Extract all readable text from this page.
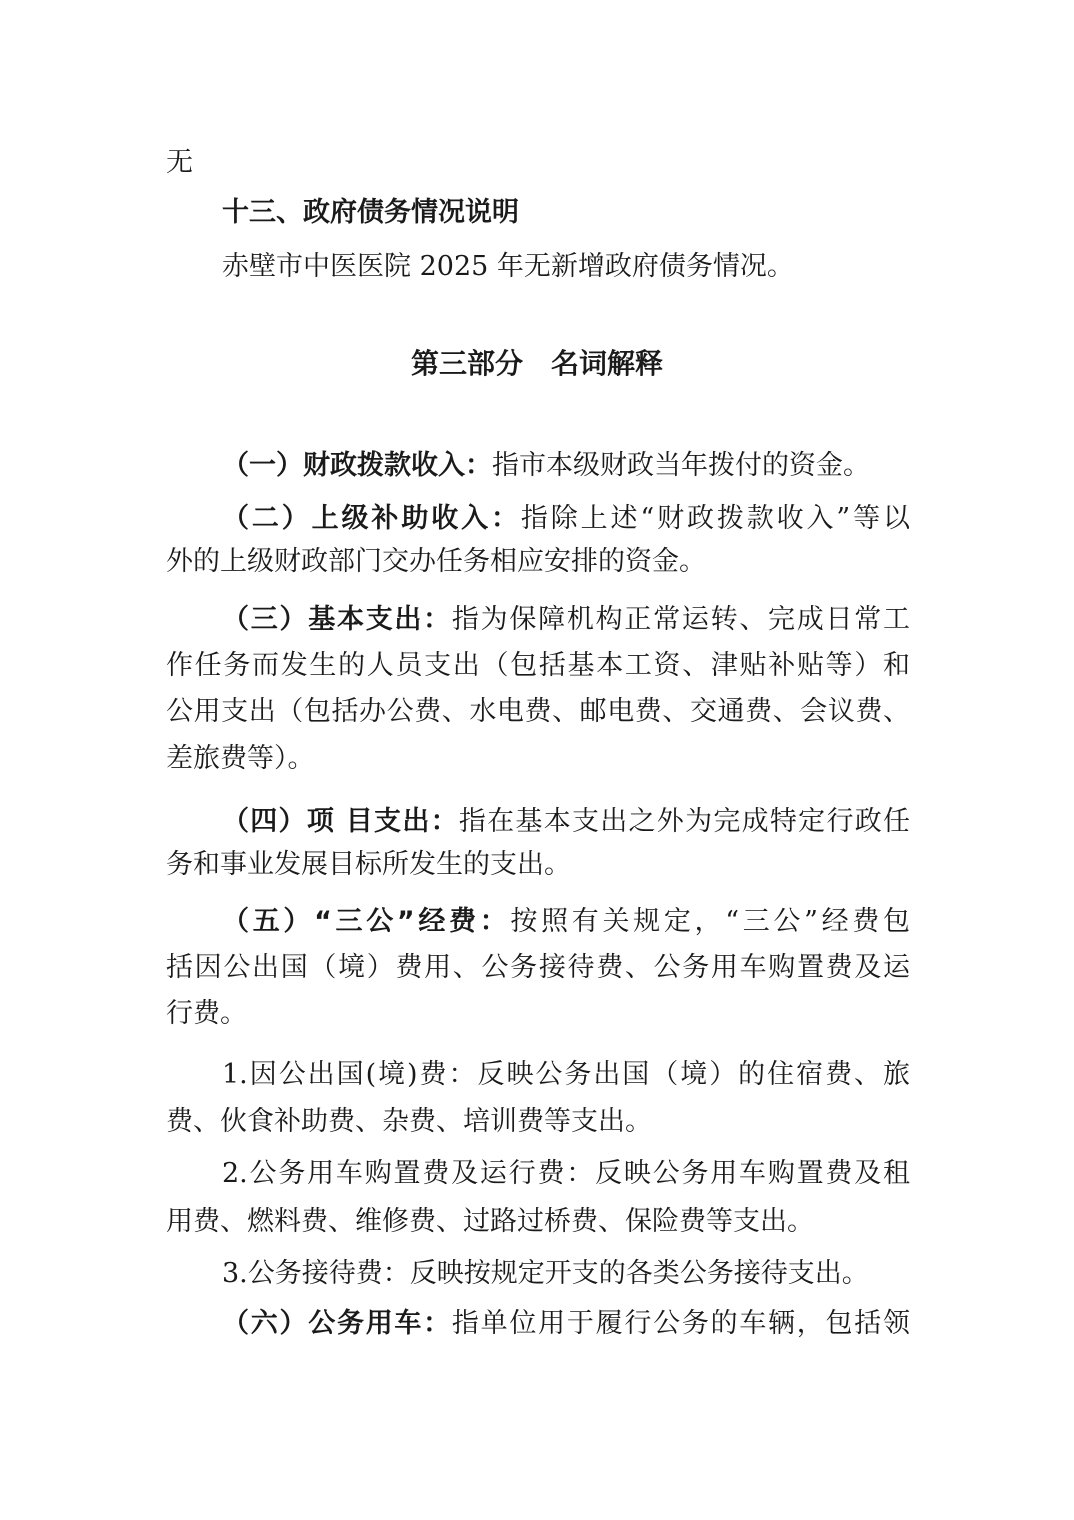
无
十三、政府债务情况说明
赤壁市中医医院 2025 年无新增政府债务情况。
第三部分　名词解释
（一）财政拨款收入：指市本级财政当年拨付的资金。
（二）上级补助收入：指除上述“财政拨款收入”等以
外的上级财政部门交办任务相应安排的资金。
（三）基本支出：指为保障机构正常运转、完成日常工
作任务而发生的人员支出（包括基本工资、津贴补贴等）和
公用支出（包括办公费、水电费、邮电费、交通费、会议费、
差旅费等）。
（四）项 目支出：指在基本支出之外为完成特定行政任
务和事业发展目标所发生的支出。
（五）“三公”经费：按照有关规定，“三公”经费包
括因公出国（境）费用、公务接待费、公务用车购置费及运
行费。
1.因公出国(境)费：反映公务出国（境）的住宿费、旅
费、伙食补助费、杂费、培训费等支出。
2.公务用车购置费及运行费：反映公务用车购置费及租
用费、燃料费、维修费、过路过桥费、保险费等支出。
3.公务接待费：反映按规定开支的各类公务接待支出。
（六）公务用车：指单位用于履行公务的车辆，包括领
